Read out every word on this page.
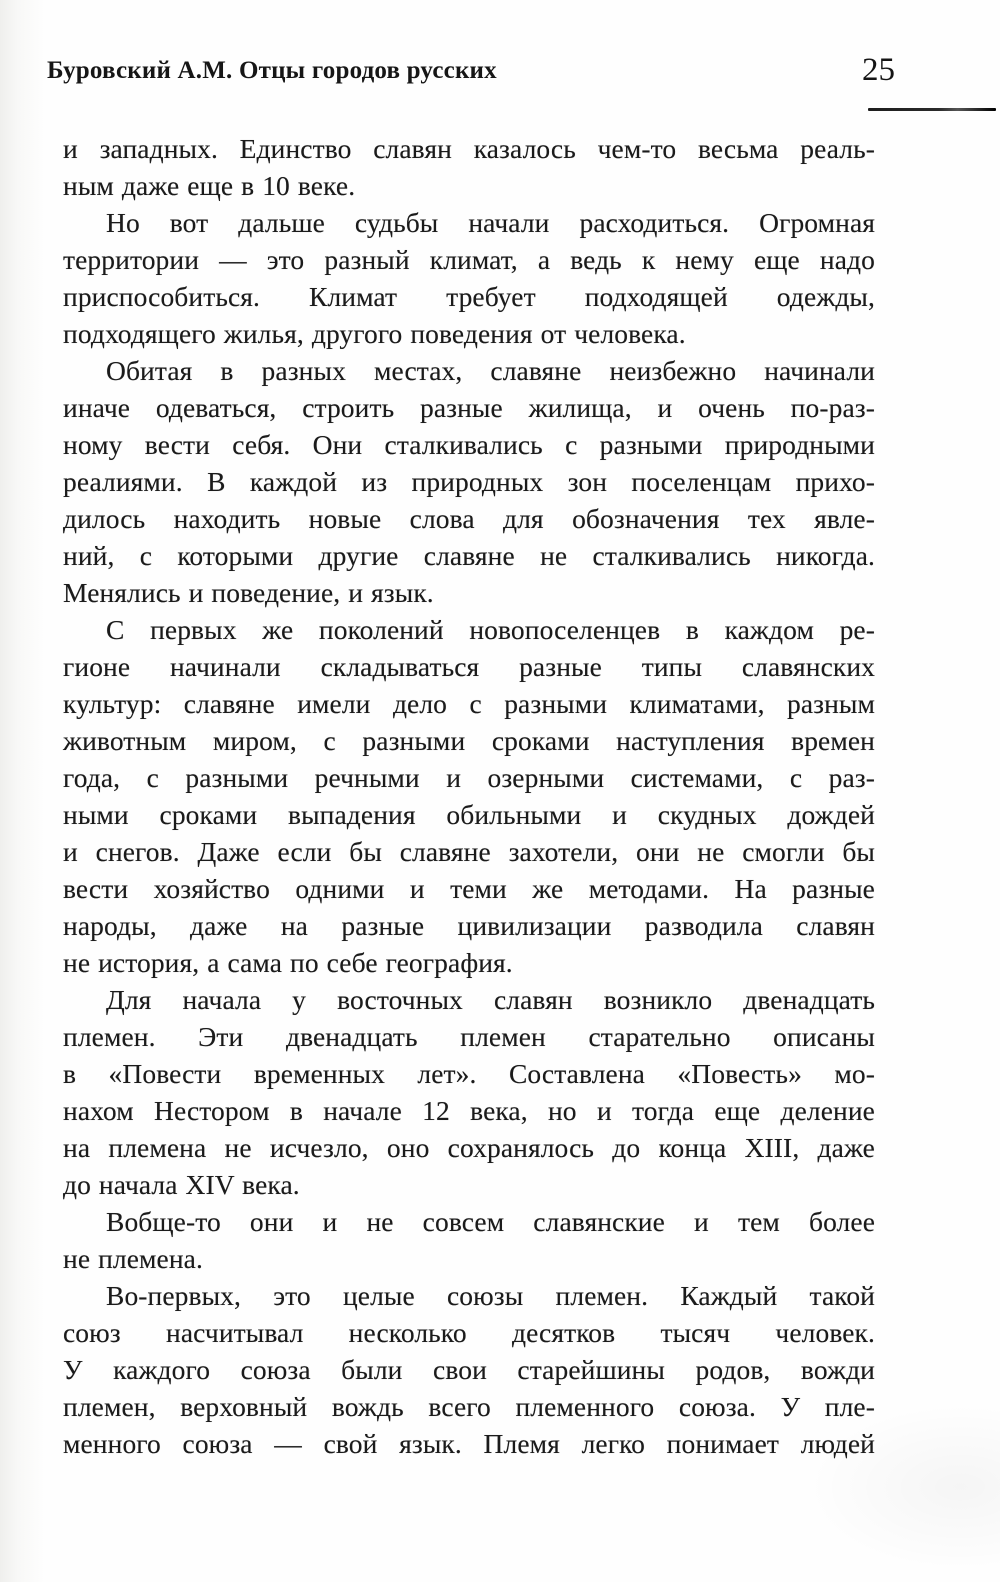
Буровский А.М. Отцы городов русских	25
и западных. Единство славян казалось чем-то весьма реаль-
ным даже еще в 10 веке.
Но вот дальше судьбы начали расходиться. Огромная
территории — это разный климат, а ведь к нему еще надо
приспособиться. Климат требует подходящей одежды,
подходящего жилья, другого поведения от человека.
Обитая в разных местах, славяне неизбежно начинали
иначе одеваться, строить разные жилища, и очень по-раз-
ному вести себя. Они сталкивались с разными природными
реалиями. В каждой из природных зон поселенцам прихо-
дилось находить новые слова для обозначения тех явле-
ний, с которыми другие славяне не сталкивались никогда.
Менялись и поведение, и язык.
С первых же поколений новопоселенцев в каждом ре-
гионе начинали складываться разные типы славянских
культур: славяне имели дело с разными климатами, разным
животным миром, с разными сроками наступления времен
года, с разными речными и озерными системами, с раз-
ными сроками выпадения обильными и скудных дождей
и снегов. Даже если бы славяне захотели, они не смогли бы
вести хозяйство одними и теми же методами. На разные
народы, даже на разные цивилизации разводила славян
не история, а сама по себе география.
Для начала у восточных славян возникло двенадцать
племен. Эти двенадцать племен старательно описаны
в «Повести временных лет». Составлена «Повесть» мо-
нахом Нестором в начале 12 века, но и тогда еще деление
на племена не исчезло, оно сохранялось до конца XIII, даже
до начала XIV века.
Вобще-то они и не совсем славянские и тем более
не племена.
Во-первых, это целые союзы племен. Каждый такой
союз насчитывал несколько десятков тысяч человек.
У каждого союза были свои старейшины родов, вожди
племен, верховный вождь всего племенного союза. У пле-
менного союза — свой язык. Племя легко понимает людей
